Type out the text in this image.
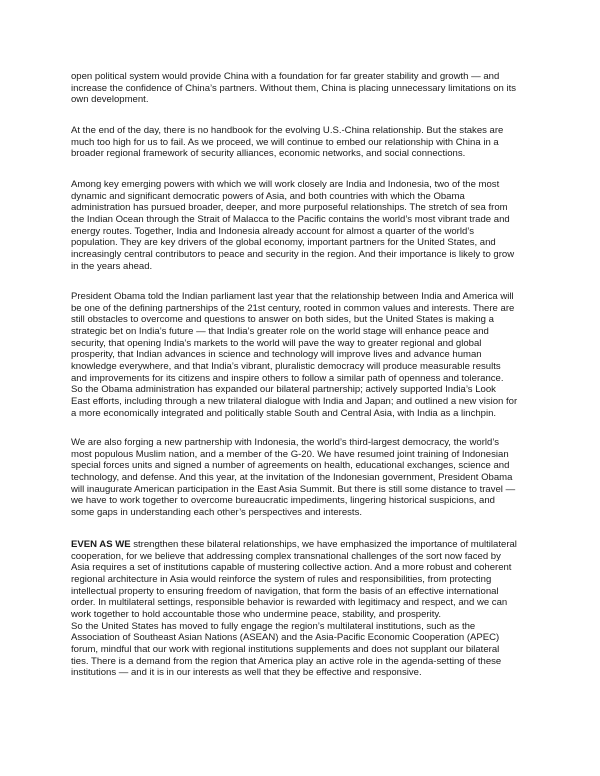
open political system would provide China with a foundation for far greater stability and growth — and
increase the confidence of China’s partners. Without them, China is placing unnecessary limitations on its
own development.
At the end of the day, there is no handbook for the evolving U.S.-China relationship. But the stakes are
much too high for us to fail. As we proceed, we will continue to embed our relationship with China in a
broader regional framework of security alliances, economic networks, and social connections.
Among key emerging powers with which we will work closely are India and Indonesia, two of the most
dynamic and significant democratic powers of Asia, and both countries with which the Obama
administration has pursued broader, deeper, and more purposeful relationships. The stretch of sea from
the Indian Ocean through the Strait of Malacca to the Pacific contains the world’s most vibrant trade and
energy routes. Together, India and Indonesia already account for almost a quarter of the world’s
population. They are key drivers of the global economy, important partners for the United States, and
increasingly central contributors to peace and security in the region. And their importance is likely to grow
in the years ahead.
President Obama told the Indian parliament last year that the relationship between India and America will
be one of the defining partnerships of the 21st century, rooted in common values and interests. There are
still obstacles to overcome and questions to answer on both sides, but the United States is making a
strategic bet on India’s future — that India’s greater role on the world stage will enhance peace and
security, that opening India’s markets to the world will pave the way to greater regional and global
prosperity, that Indian advances in science and technology will improve lives and advance human
knowledge everywhere, and that India’s vibrant, pluralistic democracy will produce measurable results
and improvements for its citizens and inspire others to follow a similar path of openness and tolerance.
So the Obama administration has expanded our bilateral partnership; actively supported India’s Look
East efforts, including through a new trilateral dialogue with India and Japan; and outlined a new vision for
a more economically integrated and politically stable South and Central Asia, with India as a linchpin.
We are also forging a new partnership with Indonesia, the world’s third-largest democracy, the world’s
most populous Muslim nation, and a member of the G-20. We have resumed joint training of Indonesian
special forces units and signed a number of agreements on health, educational exchanges, science and
technology, and defense. And this year, at the invitation of the Indonesian government, President Obama
will inaugurate American participation in the East Asia Summit. But there is still some distance to travel —
we have to work together to overcome bureaucratic impediments, lingering historical suspicions, and
some gaps in understanding each other’s perspectives and interests.
EVEN AS WE strengthen these bilateral relationships, we have emphasized the importance of multilateral
cooperation, for we believe that addressing complex transnational challenges of the sort now faced by
Asia requires a set of institutions capable of mustering collective action. And a more robust and coherent
regional architecture in Asia would reinforce the system of rules and responsibilities, from protecting
intellectual property to ensuring freedom of navigation, that form the basis of an effective international
order. In multilateral settings, responsible behavior is rewarded with legitimacy and respect, and we can
work together to hold accountable those who undermine peace, stability, and prosperity.
So the United States has moved to fully engage the region’s multilateral institutions, such as the
Association of Southeast Asian Nations (ASEAN) and the Asia-Pacific Economic Cooperation (APEC)
forum, mindful that our work with regional institutions supplements and does not supplant our bilateral
ties. There is a demand from the region that America play an active role in the agenda-setting of these
institutions — and it is in our interests as well that they be effective and responsive.
